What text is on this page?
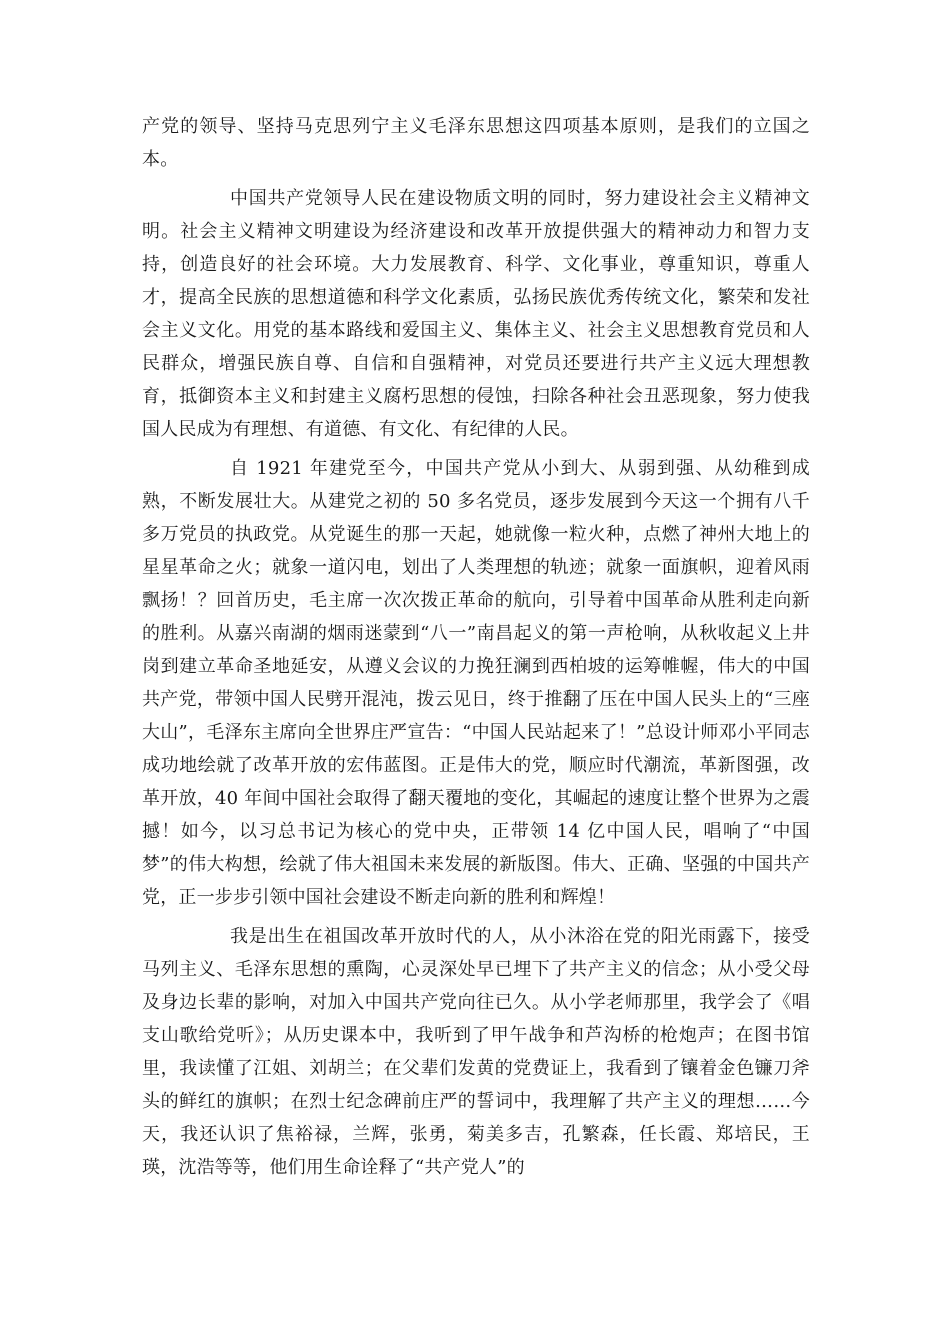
产党的领导、坚持马克思列宁主义毛泽东思想这四项基本原则，是我们的立国之本。

中国共产党领导人民在建设物质文明的同时，努力建设社会主义精神文明。社会主义精神文明建设为经济建设和改革开放提供强大的精神动力和智力支持，创造良好的社会环境。大力发展教育、科学、文化事业，尊重知识，尊重人才，提高全民族的思想道德和科学文化素质，弘扬民族优秀传统文化，繁荣和发社会主义文化。用党的基本路线和爱国主义、集体主义、社会主义思想教育党员和人民群众，增强民族自尊、自信和自强精神，对党员还要进行共产主义远大理想教育，抵御资本主义和封建主义腐朽思想的侵蚀，扫除各种社会丑恶现象，努力使我国人民成为有理想、有道德、有文化、有纪律的人民。

自 1921 年建党至今，中国共产党从小到大、从弱到强、从幼稚到成熟，不断发展壮大。从建党之初的 50 多名党员，逐步发展到今天这一个拥有八千多万党员的执政党。从党诞生的那一天起，她就像一粒火种，点燃了神州大地上的星星革命之火；就象一道闪电，划出了人类理想的轨迹；就象一面旗帜，迎着风雨飘扬！？回首历史，毛主席一次次拨正革命的航向，引导着中国革命从胜利走向新的胜利。从嘉兴南湖的烟雨迷蒙到“八一”南昌起义的第一声枪响，从秋收起义上井岗到建立革命圣地延安，从遵义会议的力挽狂澜到西柏坡的运筹帷幄，伟大的中国共产党，带领中国人民劈开混沌，拨云见日，终于推翻了压在中国人民头上的“三座大山”，毛泽东主席向全世界庄严宣告：“中国人民站起来了！”总设计师邓小平同志成功地绘就了改革开放的宏伟蓝图。正是伟大的党，顺应时代潮流，革新图强，改革开放，40 年间中国社会取得了翻天覆地的变化，其崛起的速度让整个世界为之震撼！如今，以习总书记为核心的党中央，正带领 14 亿中国人民，唱响了“中国梦”的伟大构想，绘就了伟大祖国未来发展的新版图。伟大、正确、坚强的中国共产党，正一步步引领中国社会建设不断走向新的胜利和辉煌！

我是出生在祖国改革开放时代的人，从小沐浴在党的阳光雨露下，接受马列主义、毛泽东思想的熏陶，心灵深处早已埋下了共产主义的信念；从小受父母及身边长辈的影响，对加入中国共产党向往已久。从小学老师那里，我学会了《唱支山歌给党听》；从历史课本中，我听到了甲午战争和芦沟桥的枪炮声；在图书馆里，我读懂了江姐、刘胡兰；在父辈们发黄的党费证上，我看到了镶着金色镰刀斧头的鲜红的旗帜；在烈士纪念碑前庄严的誓词中，我理解了共产主义的理想……今天，我还认识了焦裕禄，兰辉，张勇，菊美多吉，孔繁森，任长霞、郑培民，王瑛，沈浩等等，他们用生命诠释了“共产党人”的
